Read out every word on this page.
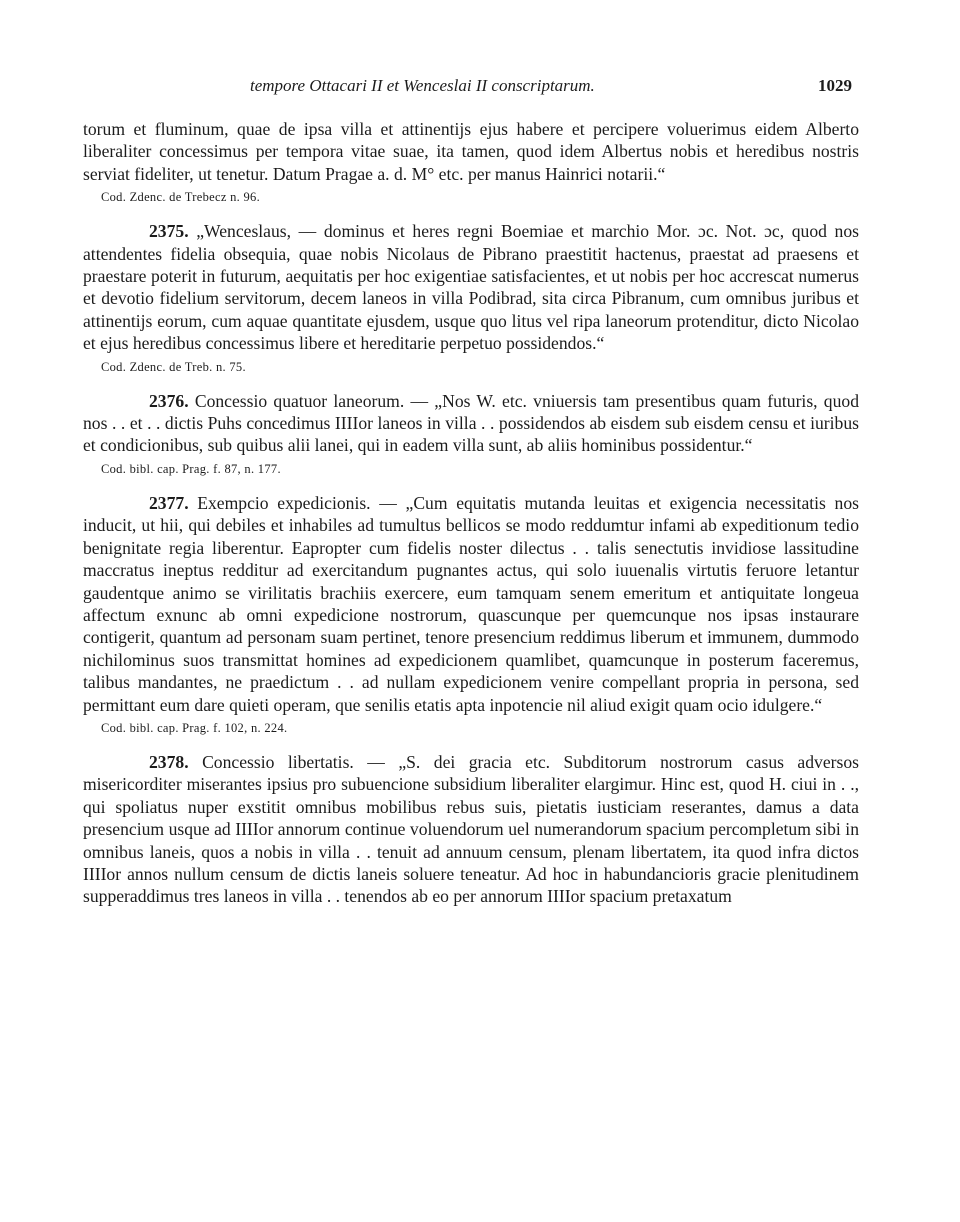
tempore Ottacari II et Wenceslai II conscriptarum.	1029

torum et fluminum, quae de ipsa villa et attinentijs ejus habere et percipere voluerimus eidem Alberto liberaliter concessimus per tempora vitae suae, ita tamen, quod idem Albertus nobis et heredibus nostris serviat fideliter, ut tenetur. Datum Pragae a. d. M° etc. per manus Hainrici notarii.“

Cod. Zdenc. de Trebecz n. 96.

2375. „Wenceslaus, — dominus et heres regni Boemiae et marchio Mor. ɔc. Not. ɔc, quod nos attendentes fidelia obsequia, quae nobis Nicolaus de Pibrano praestitit hactenus, praestat ad praesens et praestare poterit in futurum, aequitatis per hoc exigentiae satisfacientes, et ut nobis per hoc accrescat numerus et devotio fidelium servitorum, decem laneos in villa Podibrad, sita circa Pibranum, cum omnibus juribus et attinentijs eorum, cum aquae quantitate ejusdem, usque quo litus vel ripa laneorum protenditur, dicto Nicolao et ejus heredibus concessimus libere et hereditarie perpetuo possidendos.“

Cod. Zdenc. de Treb. n. 75.

2376. Concessio quatuor laneorum. — „Nos W. etc. vniuersis tam presentibus quam futuris, quod nos . . et . . dictis Puhs concedimus IIIIor laneos in villa . . possidendos ab eisdem sub eisdem censu et iuribus et condicionibus, sub quibus alii lanei, qui in eadem villa sunt, ab aliis hominibus possidentur.“

Cod. bibl. cap. Prag. f. 87, n. 177.

2377. Exempcio expedicionis. — „Cum equitatis mutanda leuitas et exigencia necessitatis nos inducit, ut hii, qui debiles et inhabiles ad tumultus bellicos se modo reddumtur infami ab expeditionum tedio benignitate regia liberentur. Eapropter cum fidelis noster dilectus . . talis senectutis invidiose lassitudine maccratus ineptus redditur ad exercitandum pugnantes actus, qui solo iuuenalis virtutis feruore letantur gaudentque animo se virilitatis brachiis exercere, eum tamquam senem emeritum et antiquitate longeua affectum exnunc ab omni expedicione nostrorum, quascunque per quemcunque nos ipsas instaurare contigerit, quantum ad personam suam pertinet, tenore presencium reddimus liberum et immunem, dummodo nichilominus suos transmittat homines ad expedicionem quamlibet, quamcunque in posterum faceremus, talibus mandantes, ne praedictum . . ad nullam expedicionem venire compellant propria in persona, sed permittant eum dare quieti operam, que senilis etatis apta inpotencie nil aliud exigit quam ocio idulgere.“

Cod. bibl. cap. Prag. f. 102, n. 224.

2378. Concessio libertatis. — „S. dei gracia etc. Subditorum nostrorum casus adversos misericorditer miserantes ipsius pro subuencione subsidium liberaliter elargimur. Hinc est, quod H. ciui in . ., qui spoliatus nuper exstitit omnibus mobilibus rebus suis, pietatis iusticiam reserantes, damus a data presencium usque ad IIIIor annorum continue voluendorum uel numerandorum spacium percompletum sibi in omnibus laneis, quos a nobis in villa . . tenuit ad annuum censum, plenam libertatem, ita quod infra dictos IIIIor annos nullum censum de dictis laneis soluere teneatur. Ad hoc in habundancioris gracie plenitudinem supperaddimus tres laneos in villa . . tenendos ab eo per annorum IIIIor spacium pretaxatum
